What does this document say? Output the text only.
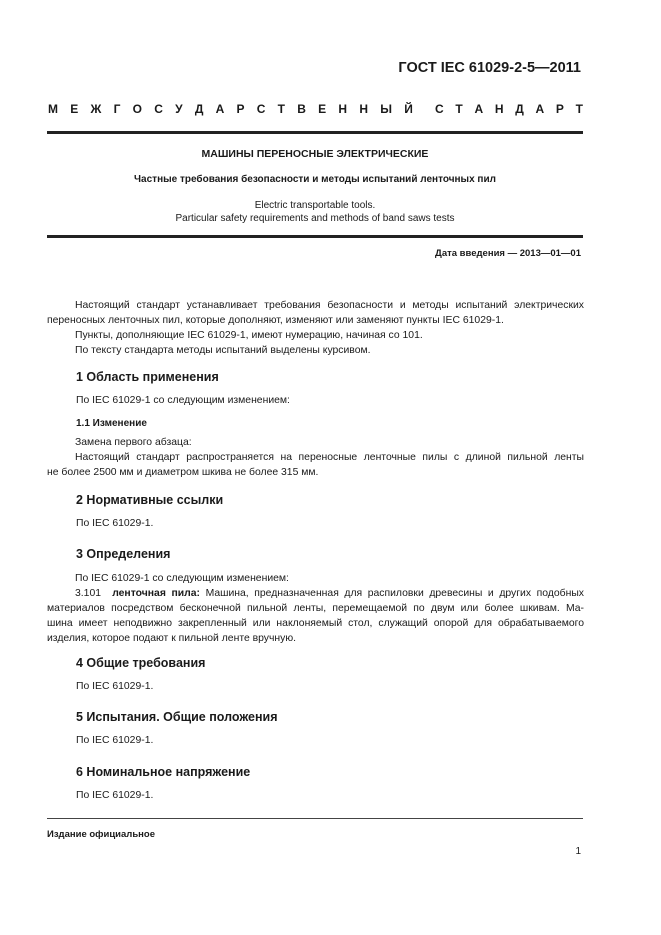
ГОСТ IEC 61029-2-5—2011
М Е Ж Г О С У Д А Р С Т В Е Н Н Ы Й С Т А Н Д А Р Т
МАШИНЫ ПЕРЕНОСНЫЕ ЭЛЕКТРИЧЕСКИЕ
Частные требования безопасности и методы испытаний ленточных пил
Electric transportable tools.
Particular safety requirements and methods of band saws tests
Дата введения — 2013—01—01
Настоящий стандарт устанавливает требования безопасности и методы испытаний электрических
переносных ленточных пил, которые дополняют, изменяют или заменяют пункты IEC 61029-1.
Пункты, дополняющие IEC 61029-1, имеют нумерацию, начиная со 101.
По тексту стандарта методы испытаний выделены курсивом.
1 Область применения
По IEC 61029-1 со следующим изменением:
1.1 Изменение
Замена первого абзаца:
Настоящий стандарт распространяется на переносные ленточные пилы с длиной пильной ленты
не более 2500 мм и диаметром шкива не более 315 мм.
2 Нормативные ссылки
По IEC 61029-1.
3 Определения
По IEC 61029-1 со следующим изменением:
3.101 ленточная пила: Машина, предназначенная для распиловки древесины и других подобных
материалов посредством бесконечной пильной ленты, перемещаемой по двум или более шкивам. Ма-
шина имеет неподвижно закрепленный или наклоняемый стол, служащий опорой для обрабатываемого
изделия, которое подают к пильной ленте вручную.
4 Общие требования
По IEC 61029-1.
5 Испытания. Общие положения
По IEC 61029-1.
6 Номинальное напряжение
По IEC 61029-1.
Издание официальное
1
